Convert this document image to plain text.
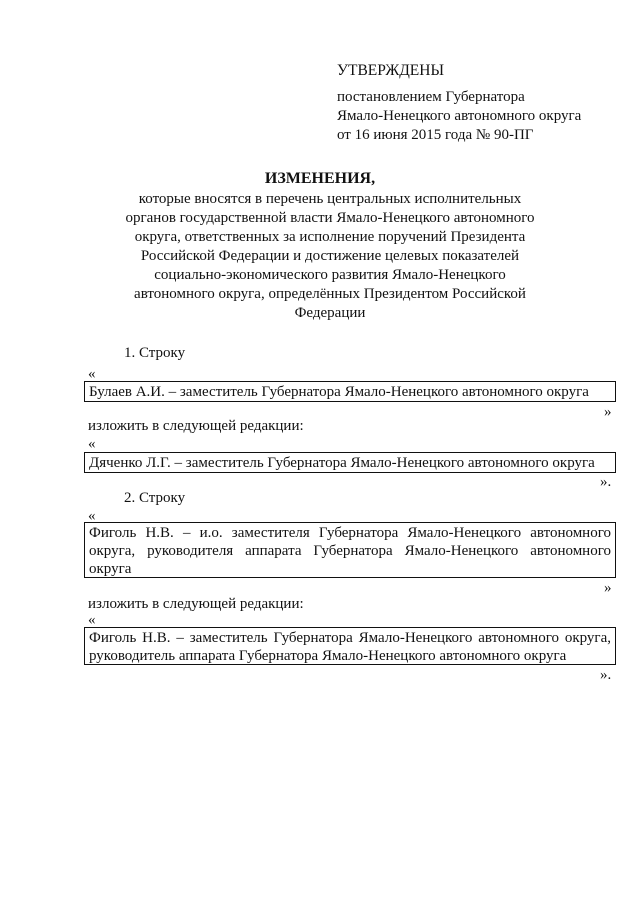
УТВЕРЖДЕНЫ
постановлением Губернатора
Ямало-Ненецкого автономного округа
от 16 июня 2015 года № 90-ПГ
ИЗМЕНЕНИЯ,
которые вносятся в перечень центральных исполнительных органов государственной власти Ямало-Ненецкого автономного округа, ответственных за исполнение поручений Президента Российской Федерации и достижение целевых показателей социально-экономического развития Ямало-Ненецкого автономного округа, определённых Президентом Российской Федерации
1. Строку
«
Булаев А.И. – заместитель Губернатора Ямало-Ненецкого автономного округа
»
изложить в следующей редакции:
«
Дяченко Л.Г. – заместитель Губернатора Ямало-Ненецкого автономного округа
».
2. Строку
«
Фиголь Н.В. – и.о. заместителя Губернатора Ямало-Ненецкого автономного округа, руководителя аппарата Губернатора Ямало-Ненецкого автономного округа
»
изложить в следующей редакции:
«
Фиголь Н.В. – заместитель Губернатора Ямало-Ненецкого автономного округа, руководитель аппарата Губернатора Ямало-Ненецкого автономного округа
».
